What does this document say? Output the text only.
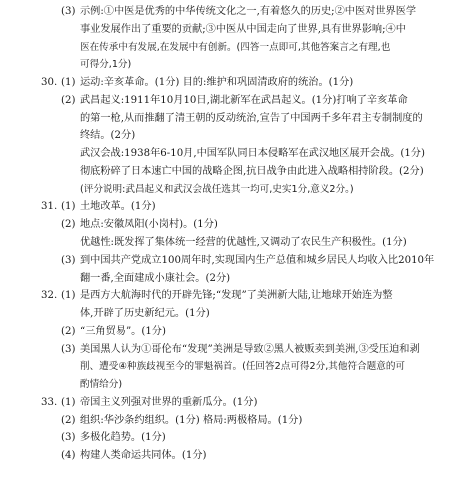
(3) 示例:①中医是优秀的中华传统文化之一,有着悠久的历史;②中医对世界医学
事业发展作出了重要的贡献;③中医从中国走向了世界,具有世界影响;④中
医在传承中有发展,在发展中有创新。(四答一点即可,其他答案言之有理,也
可得分,1分)
30. (1) 运动:辛亥革命。(1分) 目的:维护和巩固清政府的统治。(1分)
(2) 武昌起义:1911年10月10日,湖北新军在武昌起义。(1分)打响了辛亥革命
的第一枪,从而推翻了清王朝的反动统治,宣告了中国两千多年君主专制制度的
终结。(2分)
武汉会战:1938年6-10月,中国军队同日本侵略军在武汉地区展开会战。(1分)
彻底粉碎了日本速亡中国的战略企图,抗日战争由此进入战略相持阶段。(2分)
(评分说明:武昌起义和武汉会战任选其一均可,史实1分,意义2分。)
31. (1) 土地改革。(1分)
(2) 地点:安徽凤阳(小岗村)。(1分)
优越性:既发挥了集体统一经营的优越性,又调动了农民生产积极性。(1分)
(3) 到中国共产党成立100周年时,实现国内生产总值和城乡居民人均收入比2010年
翻一番,全面建成小康社会。(2分)
32. (1) 是西方大航海时代的开辟先锋;“发现”了美洲新大陆,让地球开始连为整
体,开辟了历史新纪元。(1分)
(2) “三角贸易”。(1分)
(3) 美国黑人认为①哥伦布“发现”美洲是导致②黑人被贩卖到美洲,③受压迫和剥
削、遭受④种族歧视至今的罪魁祸首。(任回答2点可得2分,其他符合题意的可
酌情给分)
33. (1) 帝国主义列强对世界的重新瓜分。(1分)
(2) 组织:华沙条约组织。(1分) 格局:两极格局。(1分)
(3) 多极化趋势。(1分)
(4) 构建人类命运共同体。(1分)
